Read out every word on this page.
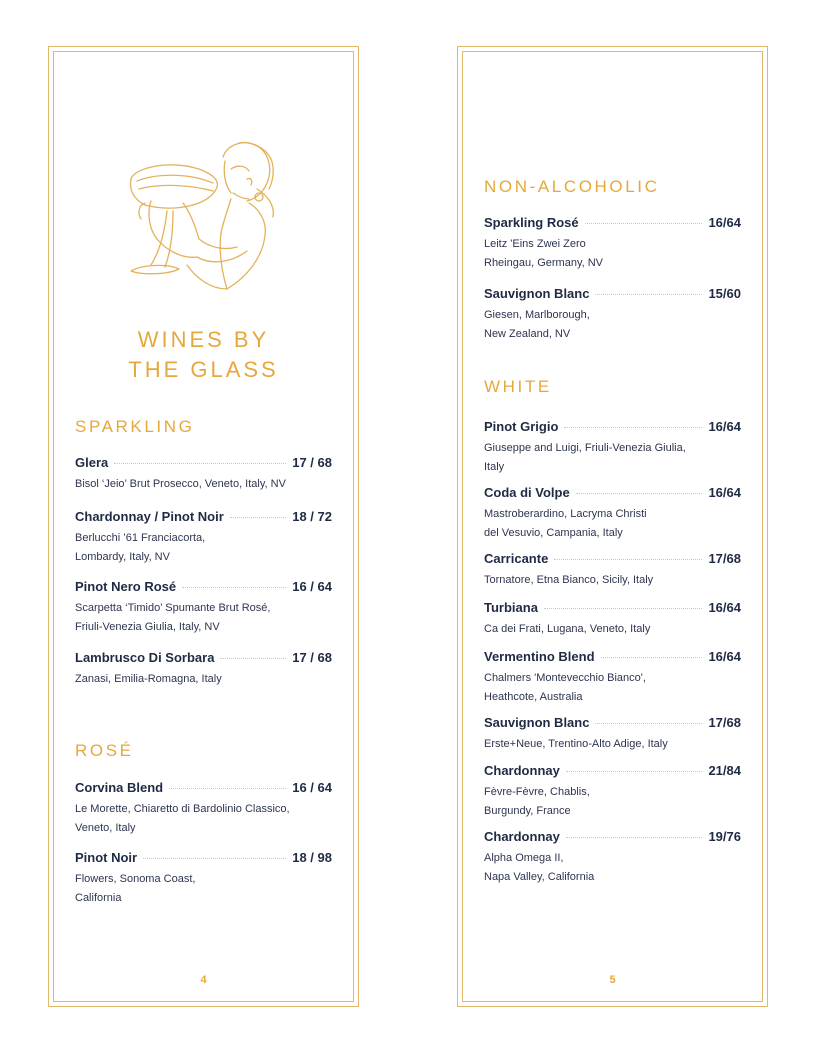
WINES BY
THE GLASS
SPARKLING
Glera	17 / 68
Bisol ‘Jeio’ Brut Prosecco, Veneto, Italy, NV
Chardonnay / Pinot Noir	18 / 72
Berlucchi ’61 Franciacorta,
Lombardy, Italy, NV
Pinot Nero Rosé	16 / 64
Scarpetta ‘Timido’ Spumante Brut Rosé,
Friuli-Venezia Giulia, Italy, NV
Lambrusco Di Sorbara	17 / 68
Zanasi, Emilia-Romagna, Italy
ROSÉ
Corvina Blend	16 / 64
Le Morette, Chiaretto di Bardolinio Classico,
Veneto, Italy
Pinot Noir	18 / 98
Flowers, Sonoma Coast,
California
4
NON-ALCOHOLIC
Sparkling Rosé	16/64
Leitz 'Eins Zwei Zero
Rheingau, Germany, NV
Sauvignon Blanc	15/60
Giesen, Marlborough,
New Zealand, NV
WHITE
Pinot Grigio	16/64
Giuseppe and Luigi, Friuli-Venezia Giulia,
Italy
Coda di Volpe	16/64
Mastroberardino, Lacryma Christi
del Vesuvio, Campania, Italy
Carricante	17/68
Tornatore, Etna Bianco, Sicily, Italy
Turbiana	16/64
Ca dei Frati, Lugana, Veneto, Italy
Vermentino Blend	16/64
Chalmers 'Montevecchio Bianco',
Heathcote, Australia
Sauvignon Blanc	17/68
Erste+Neue, Trentino-Alto Adige, Italy
Chardonnay	21/84
Fèvre-Fèvre, Chablis,
Burgundy, France
Chardonnay	19/76
Alpha Omega II,
Napa Valley, California
5
